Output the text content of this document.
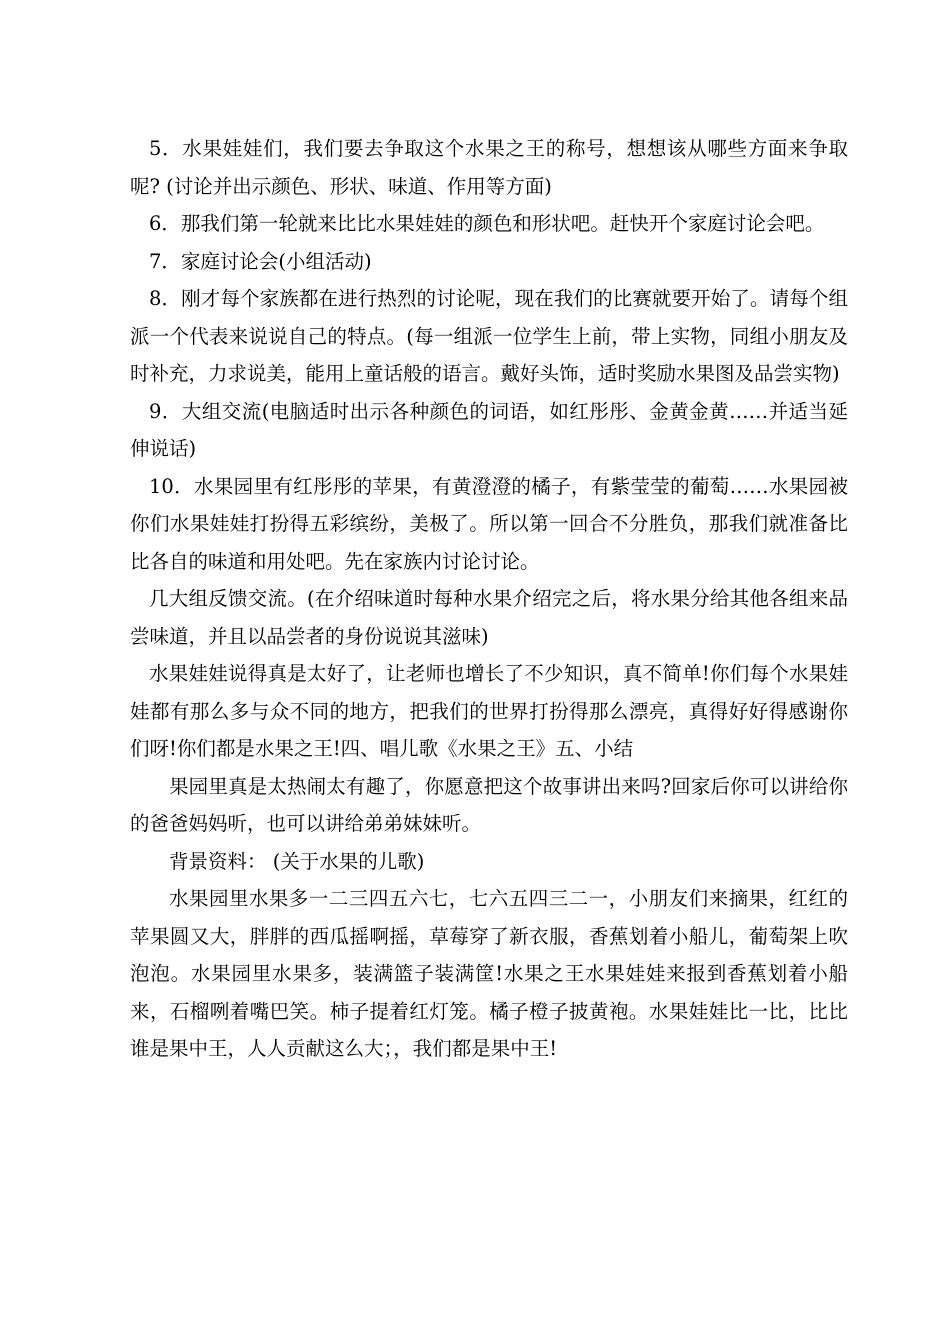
5．水果娃娃们，我们要去争取这个水果之王的称号，想想该从哪些方面来争取呢? (讨论并出示颜色、形状、味道、作用等方面)

6．那我们第一轮就来比比水果娃娃的颜色和形状吧。赶快开个家庭讨论会吧。

7．家庭讨论会(小组活动)

8．刚才每个家族都在进行热烈的讨论呢，现在我们的比赛就要开始了。请每个组派一个代表来说说自己的特点。(每一组派一位学生上前，带上实物，同组小朋友及时补充，力求说美，能用上童话般的语言。戴好头饰，适时奖励水果图及品尝实物)

9．大组交流(电脑适时出示各种颜色的词语，如红彤彤、金黄金黄……并适当延伸说话)

10．水果园里有红彤彤的苹果，有黄澄澄的橘子，有紫莹莹的葡萄……水果园被你们水果娃娃打扮得五彩缤纷，美极了。所以第一回合不分胜负，那我们就准备比比各自的味道和用处吧。先在家族内讨论讨论。

几大组反馈交流。(在介绍味道时每种水果介绍完之后，将水果分给其他各组来品尝味道，并且以品尝者的身份说说其滋味)

水果娃娃说得真是太好了，让老师也增长了不少知识，真不简单!你们每个水果娃娃都有那么多与众不同的地方，把我们的世界打扮得那么漂亮，真得好好得感谢你们呀!你们都是水果之王!四、唱儿歌《水果之王》五、小结

果园里真是太热闹太有趣了，你愿意把这个故事讲出来吗?回家后你可以讲给你的爸爸妈妈听，也可以讲给弟弟妹妹听。

背景资料： (关于水果的儿歌)

水果园里水果多一二三四五六七，七六五四三二一，小朋友们来摘果，红红的苹果圆又大，胖胖的西瓜摇啊摇，草莓穿了新衣服，香蕉划着小船儿，葡萄架上吹泡泡。水果园里水果多，装满篮子装满筐!水果之王水果娃娃来报到香蕉划着小船来，石榴咧着嘴巴笑。柿子提着红灯笼。橘子橙子披黄袍。水果娃娃比一比，比比谁是果中王，人人贡献这么大；，我们都是果中王!
